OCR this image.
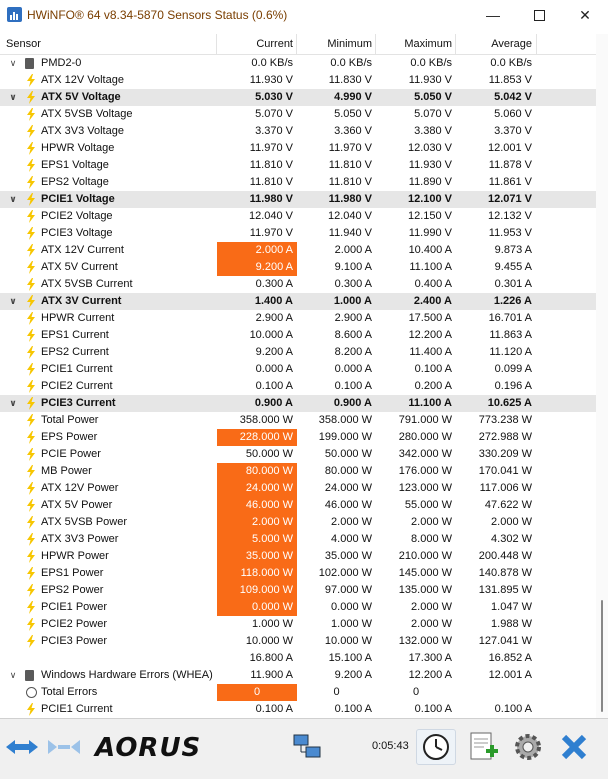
HWiNFO® 64 v8.34-5870 Sensors Status (0.6%)	—	✕
Sensor	Current	Minimum	Maximum	Average
∨ PMD2-0	0.0 KB/s	0.0 KB/s	0.0 KB/s	0.0 KB/s
ATX 12V Voltage	11.930 V	11.830 V	11.930 V	11.853 V
∨ ATX 5V Voltage	5.030 V	4.990 V	5.050 V	5.042 V
ATX 5VSB Voltage	5.070 V	5.050 V	5.070 V	5.060 V
ATX 3V3 Voltage	3.370 V	3.360 V	3.380 V	3.370 V
HPWR Voltage	11.970 V	11.970 V	12.030 V	12.001 V
EPS1 Voltage	11.810 V	11.810 V	11.930 V	11.878 V
EPS2 Voltage	11.810 V	11.810 V	11.890 V	11.861 V
∨ PCIE1 Voltage	11.980 V	11.980 V	12.100 V	12.071 V
PCIE2 Voltage	12.040 V	12.040 V	12.150 V	12.132 V
PCIE3 Voltage	11.970 V	11.940 V	11.990 V	11.953 V
ATX 12V Current	2.000 A	2.000 A	10.400 A	9.873 A
ATX 5V Current	9.200 A	9.100 A	11.100 A	9.455 A
ATX 5VSB Current	0.300 A	0.300 A	0.400 A	0.301 A
∨ ATX 3V Current	1.400 A	1.000 A	2.400 A	1.226 A
HPWR Current	2.900 A	2.900 A	17.500 A	16.701 A
EPS1 Current	10.000 A	8.600 A	12.200 A	11.863 A
EPS2 Current	9.200 A	8.200 A	11.400 A	11.120 A
PCIE1 Current	0.000 A	0.000 A	0.100 A	0.099 A
PCIE2 Current	0.100 A	0.100 A	0.200 A	0.196 A
∨ PCIE3 Current	0.900 A	0.900 A	11.100 A	10.625 A
Total Power	358.000 W	358.000 W	791.000 W	773.238 W
EPS Power	228.000 W	199.000 W	280.000 W	272.988 W
PCIE Power	50.000 W	50.000 W	342.000 W	330.209 W
MB Power	80.000 W	80.000 W	176.000 W	170.041 W
ATX 12V Power	24.000 W	24.000 W	123.000 W	117.006 W
ATX 5V Power	46.000 W	46.000 W	55.000 W	47.622 W
ATX 5VSB Power	2.000 W	2.000 W	2.000 W	2.000 W
ATX 3V3 Power	5.000 W	4.000 W	8.000 W	4.302 W
HPWR Power	35.000 W	35.000 W	210.000 W	200.448 W
EPS1 Power	118.000 W	102.000 W	145.000 W	140.878 W
EPS2 Power	109.000 W	97.000 W	135.000 W	131.895 W
PCIE1 Power	0.000 W	0.000 W	2.000 W	1.047 W
PCIE2 Power	1.000 W	1.000 W	2.000 W	1.988 W
PCIE3 Power	10.000 W	10.000 W	132.000 W	127.041 W
16.800 A	15.100 A	17.300 A	16.852 A
∨ Windows Hardware Errors (WHEA)	11.900 A	9.200 A	12.200 A	12.001 A
Total Errors	0	0	0
PCIE1 Current	0.100 A	0.100 A	0.100 A	0.100 A
AORUS	0:05:43
